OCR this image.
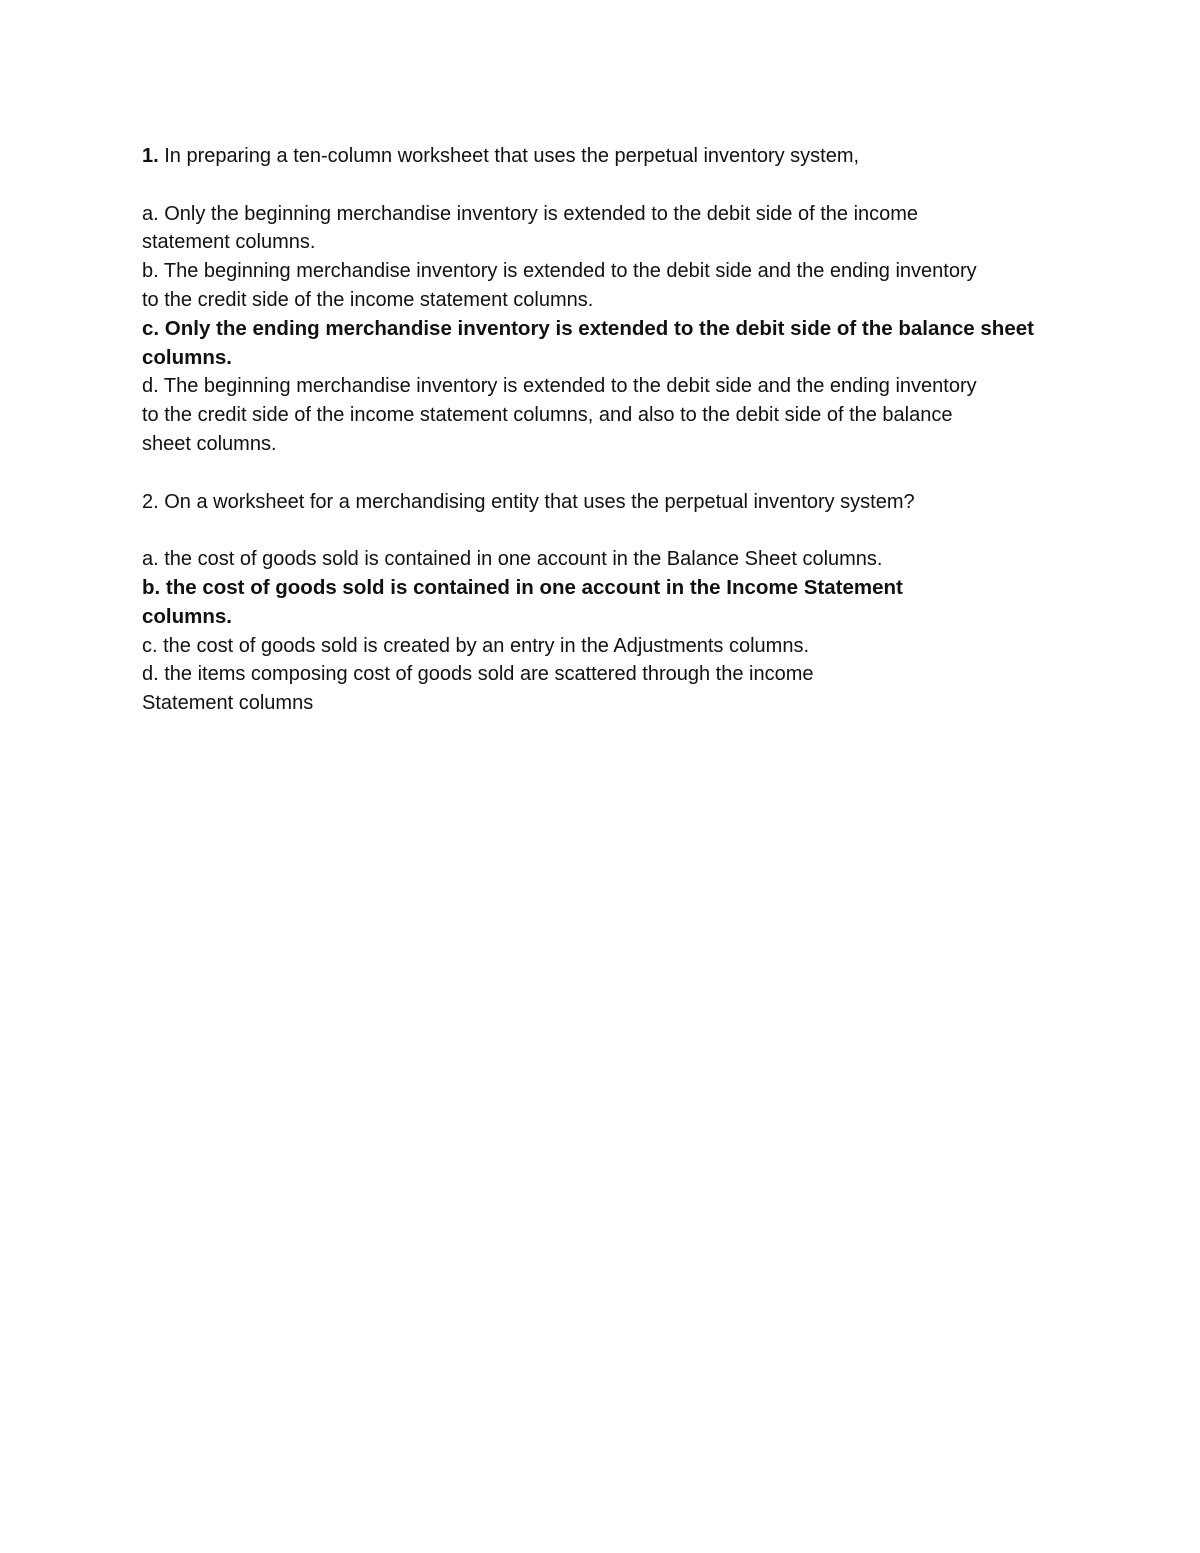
1. In preparing a ten-column worksheet that uses the perpetual inventory system,
a. Only the beginning merchandise inventory is extended to the debit side of the income
statement columns.
b. The beginning merchandise inventory is extended to the debit side and the ending inventory
to the credit side of the income statement columns.
c. Only the ending merchandise inventory is extended to the debit side of the balance sheet
columns.
d. The beginning merchandise inventory is extended to the debit side and the ending inventory
to the credit side of the income statement columns, and also to the debit side of the balance
sheet columns.
2. On a worksheet for a merchandising entity that uses the perpetual inventory system?
a. the cost of goods sold is contained in one account in the Balance Sheet columns.
b. the cost of goods sold is contained in one account in the Income Statement
columns.
c. the cost of goods sold is created by an entry in the Adjustments columns.
d. the items composing cost of goods sold are scattered through the income
Statement columns
